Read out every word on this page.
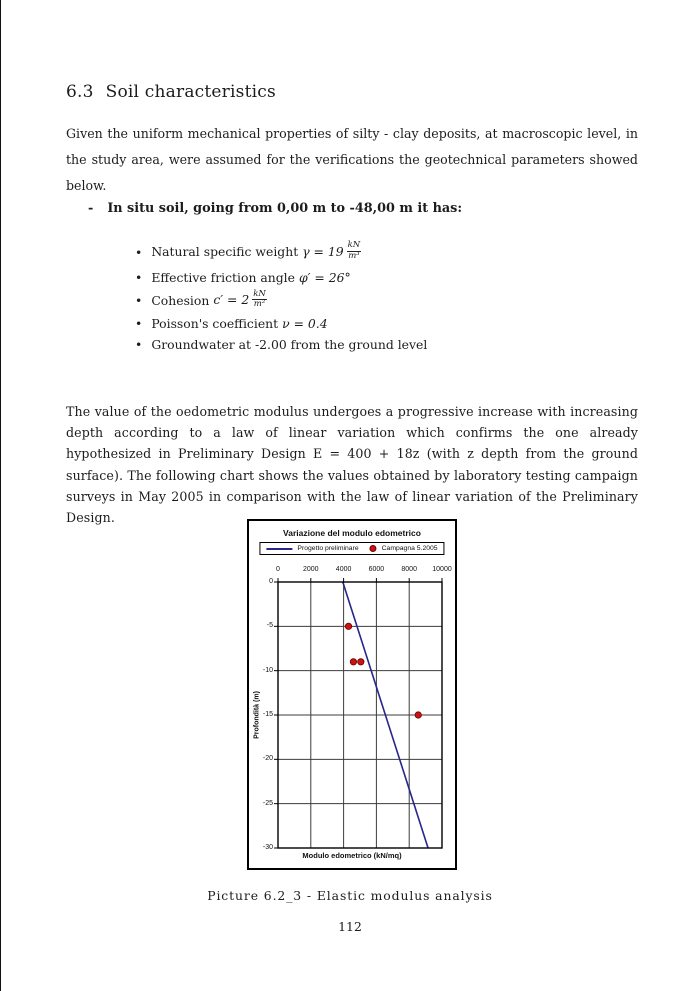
6.3 Soil characteristics
Given the uniform mechanical properties of silty - clay deposits, at macroscopic level, in the study area, were assumed for the verifications the geotechnical parameters showed below.
- In situ soil, going from 0,00 m to -48,00 m it has:
• Natural specific weight $\gamma = 19 \frac{kN}{\text{m³}}$
• Effective friction angle φ′ = 26°
• Cohesion $c' = 2 \frac{kN}{\text{m²}}$
• Poisson's coefficient ν = 0.4
• Groundwater at -2.00 from the ground level
The value of the oedometric modulus undergoes a progressive increase with increasing depth according to a law of linear variation which confirms the one already hypothesized in Preliminary Design E = 400 + 18z (with z depth from the ground surface). The following chart shows the values obtained by laboratory testing campaign surveys in May 2005 in comparison with the law of linear variation of the Preliminary Design.
Variazione del modulo edometrico
Progetto preliminare	Campagna 5.2005
0	2000 4000 6000 8000 10000
0
-5
-10
-15
-20
-25
-30
Profondità (m)
Modulo edometrico (kN/mq)
Picture 6.2_3 - Elastic modulus analysis
112
